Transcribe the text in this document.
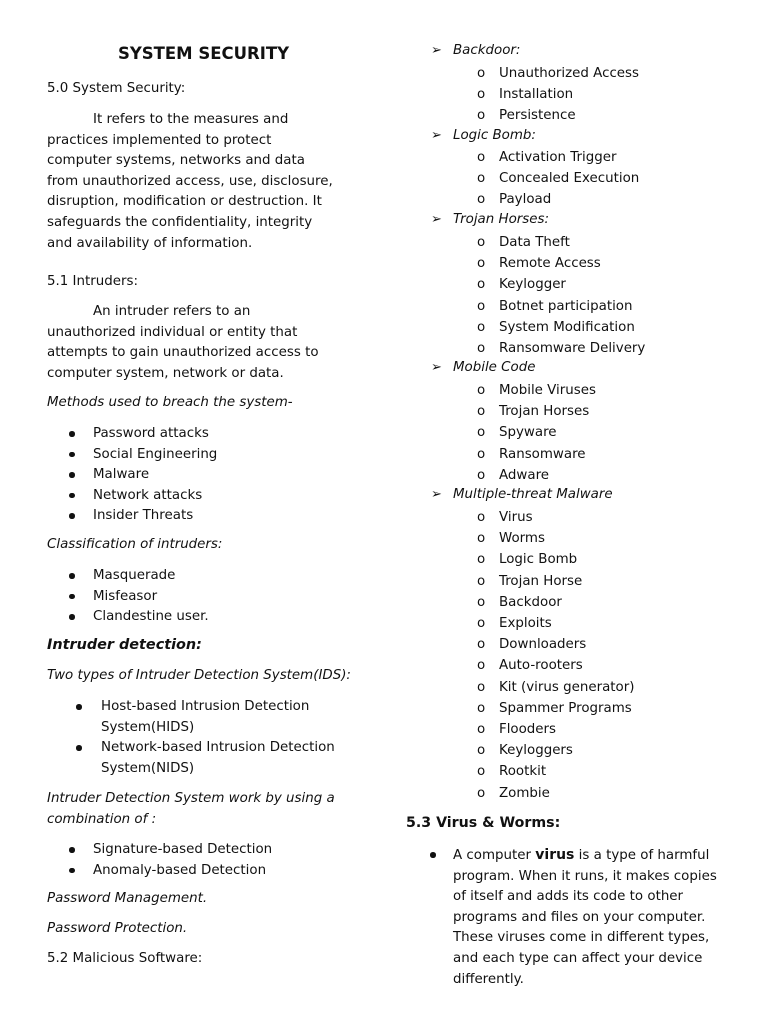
SYSTEM SECURITY
5.0 System Security:
It refers to the measures and practices implemented to protect computer systems, networks and data from unauthorized access, use, disclosure, disruption, modification or destruction. It safeguards the confidentiality, integrity and availability of information.
5.1 Intruders:
An intruder refers to an unauthorized individual or entity that attempts to gain unauthorized access to computer system, network or data.
Methods used to breach the system-
Password attacks
Social Engineering
Malware
Network attacks
Insider Threats
Classification of intruders:
Masquerade
Misfeasor
Clandestine user.
Intruder detection:
Two types of Intruder Detection System(IDS):
Host-based Intrusion Detection System(HIDS)
Network-based Intrusion Detection System(NIDS)
Intruder Detection System work by using a combination of :
Signature-based Detection
Anomaly-based Detection
Password Management.
Password Protection.
5.2 Malicious Software:
➢ Backdoor:
o Unauthorized Access
o Installation
o Persistence
➢ Logic Bomb:
o Activation Trigger
o Concealed Execution
o Payload
➢ Trojan Horses:
o Data Theft
o Remote Access
o Keylogger
o Botnet participation
o System Modification
o Ransomware Delivery
➢ Mobile Code
o Mobile Viruses
o Trojan Horses
o Spyware
o Ransomware
o Adware
➢ Multiple-threat Malware
o Virus
o Worms
o Logic Bomb
o Trojan Horse
o Backdoor
o Exploits
o Downloaders
o Auto-rooters
o Kit (virus generator)
o Spammer Programs
o Flooders
o Keyloggers
o Rootkit
o Zombie
5.3 Virus & Worms:

A computer virus is a type of harmful program. When it runs, it makes copies of itself and adds its code to other programs and files on your computer. These viruses come in different types, and each type can affect your device differently.
